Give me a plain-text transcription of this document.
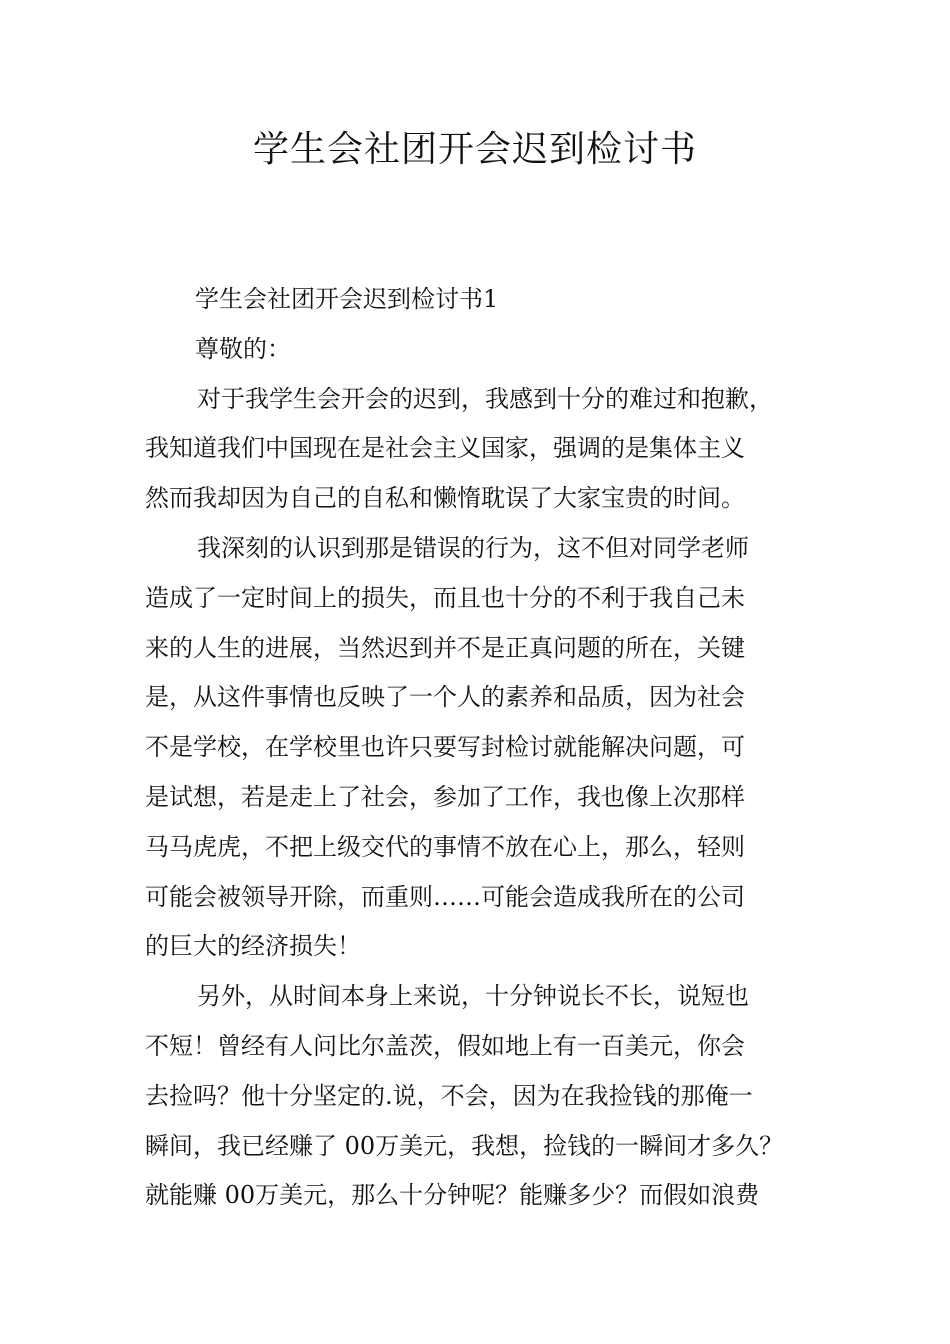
学生会社团开会迟到检讨书
学生会社团开会迟到检讨书1
尊敬的：
对于我学生会开会的迟到，我感到十分的难过和抱歉，
我知道我们中国现在是社会主义国家，强调的是集体主义
然而我却因为自己的自私和懒惰耽误了大家宝贵的时间。
我深刻的认识到那是错误的行为，这不但对同学老师
造成了一定时间上的损失，而且也十分的不利于我自己未
来的人生的进展，当然迟到并不是正真问题的所在，关键
是，从这件事情也反映了一个人的素养和品质，因为社会
不是学校，在学校里也许只要写封检讨就能解决问题，可
是试想，若是走上了社会，参加了工作，我也像上次那样
马马虎虎，不把上级交代的事情不放在心上，那么，轻则
可能会被领导开除，而重则……可能会造成我所在的公司
的巨大的经济损失！
另外，从时间本身上来说，十分钟说长不长，说短也
不短！曾经有人问比尔盖茨，假如地上有一百美元，你会
去捡吗？他十分坚定的.说，不会，因为在我捡钱的那俺一
瞬间，我已经赚了 00万美元，我想，捡钱的一瞬间才多久？
就能赚 00万美元，那么十分钟呢？能赚多少？而假如浪费
